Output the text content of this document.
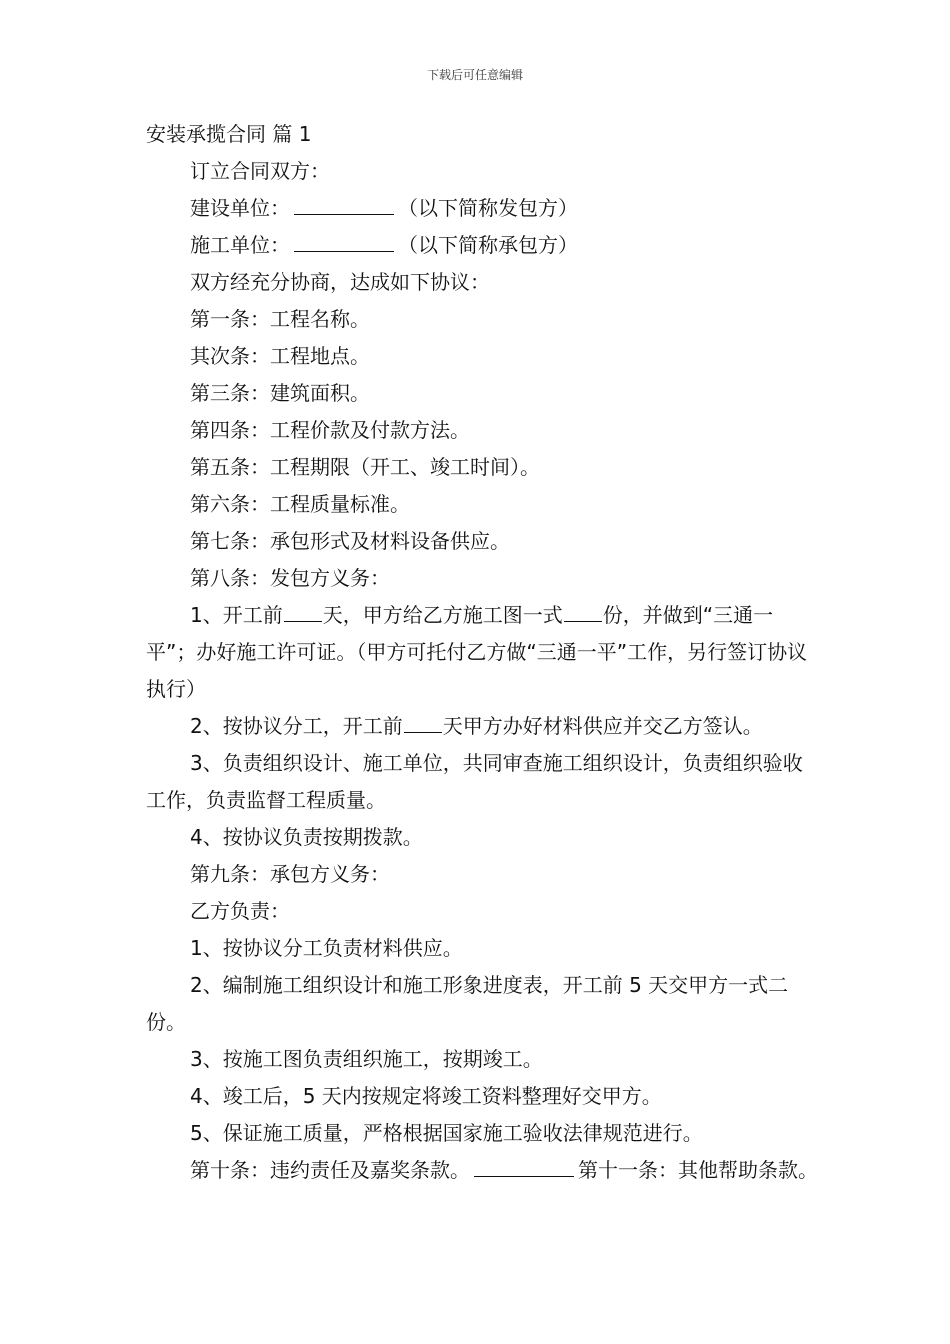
下载后可任意编辑

安装承揽合同 篇 1

订立合同双方：

建设单位：	（以下简称发包方）

施工单位：	（以下简称承包方）

双方经充分协商，达成如下协议：

第一条：工程名称。

其次条：工程地点。

第三条：建筑面积。

第四条：工程价款及付款方法。

第五条：工程期限（开工、竣工时间）。

第六条：工程质量标准。

第七条：承包形式及材料设备供应。

第八条：发包方义务：

1、开工前 天，甲方给乙方施工图一式 份，并做到“三通一平”；办好施工许可证。（甲方可托付乙方做“三通一平”工作，另行签订协议执行）

2、按协议分工，开工前 天甲方办好材料供应并交乙方签认。

3、负责组织设计、施工单位，共同审查施工组织设计，负责组织验收工作，负责监督工程质量。

4、按协议负责按期拨款。

第九条：承包方义务：

乙方负责：

1、按协议分工负责材料供应。

2、编制施工组织设计和施工形象进度表，开工前 5 天交甲方一式二份。

3、按施工图负责组织施工，按期竣工。

4、竣工后，5 天内按规定将竣工资料整理好交甲方。

5、保证施工质量，严格根据国家施工验收法律规范进行。

第十条：违约责任及嘉奖条款。	第十一条：其他帮助条款。
